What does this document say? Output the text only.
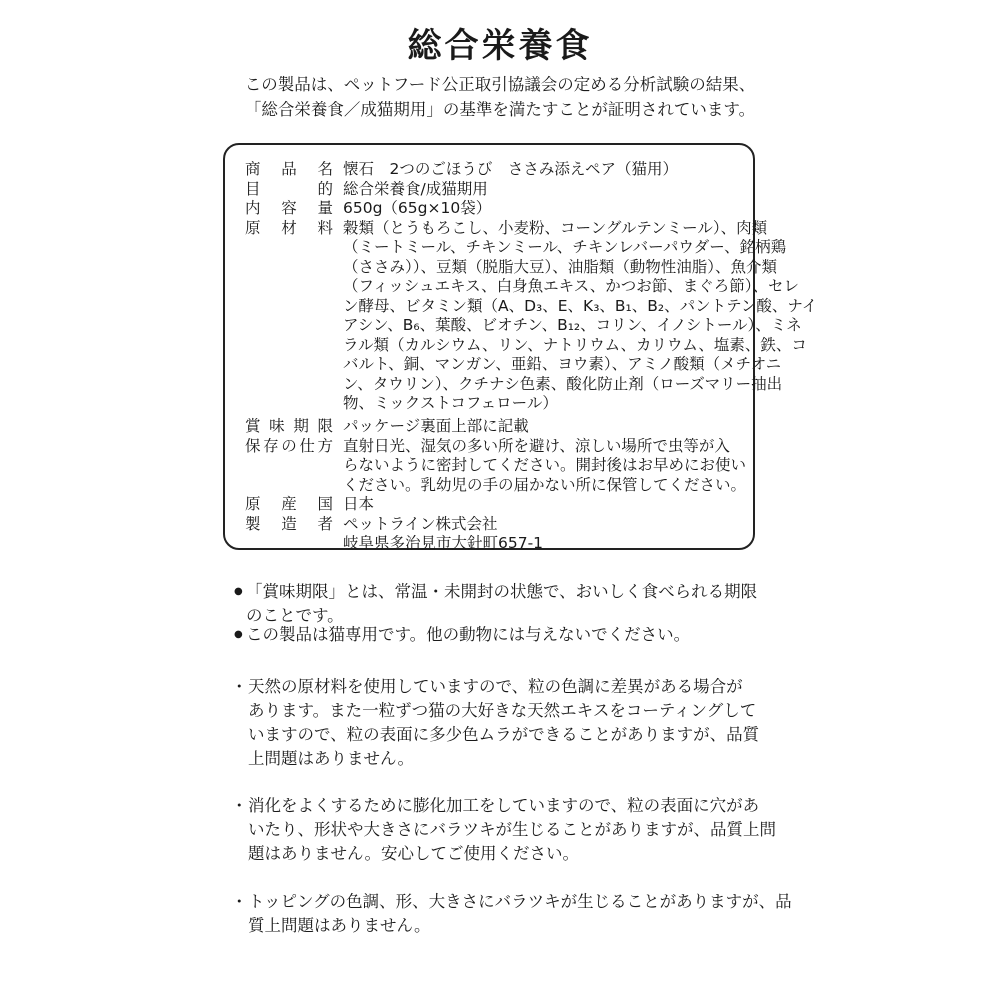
総合栄養食
この製品は、ペットフード公正取引協議会の定める分析試験の結果、
「総合栄養食／成猫期用」の基準を満たすことが証明されています。
商 品 名 懐石　2つのごほうび　ささみ添えペア（猫用）
目	的 総合栄養食/成猫期用
内 容 量 650g（65g×10袋）
原 材 料 穀類（とうもろこし、小麦粉、コーングルテンミール）、肉類
（ミートミール、チキンミール、チキンレバーパウダー、銘柄鶏
（ささみ））、豆類（脱脂大豆）、油脂類（動物性油脂）、魚介類
（フィッシュエキス、白身魚エキス、かつお節、まぐろ節）、セレ
ン酵母、ビタミン類（A、D₃、E、K₃、B₁、B₂、パントテン酸、ナイ
アシン、B₆、葉酸、ビオチン、B₁₂、コリン、イノシトール）、ミネ
ラル類（カルシウム、リン、ナトリウム、カリウム、塩素、鉄、コ
バルト、銅、マンガン、亜鉛、ヨウ素）、アミノ酸類（メチオニ
ン、タウリン）、クチナシ色素、酸化防止剤（ローズマリー抽出
物、ミックストコフェロール）
賞 味 期 限 パッケージ裏面上部に記載
保 存 の 仕 方 直射日光、湿気の多い所を避け、涼しい場所で虫等が入
らないように密封してください。開封後はお早めにお使い
ください。乳幼児の手の届かない所に保管してください。
原 産 国 日本
製 造 者 ペットライン株式会社
岐阜県多治見市大針町657-1
● 「賞味期限」とは、常温・未開封の状態で、おいしく食べられる期限
のことです。
● この製品は猫専用です。他の動物には与えないでください。
・ 天然の原材料を使用していますので、粒の色調に差異がある場合が
あります。また一粒ずつ猫の大好きな天然エキスをコーティングして
いますので、粒の表面に多少色ムラができることがありますが、品質
上問題はありません。
・ 消化をよくするために膨化加工をしていますので、粒の表面に穴があ
いたり、形状や大きさにバラツキが生じることがありますが、品質上問
題はありません。安心してご使用ください。
・ トッピングの色調、形、大きさにバラツキが生じることがありますが、品
質上問題はありません。
